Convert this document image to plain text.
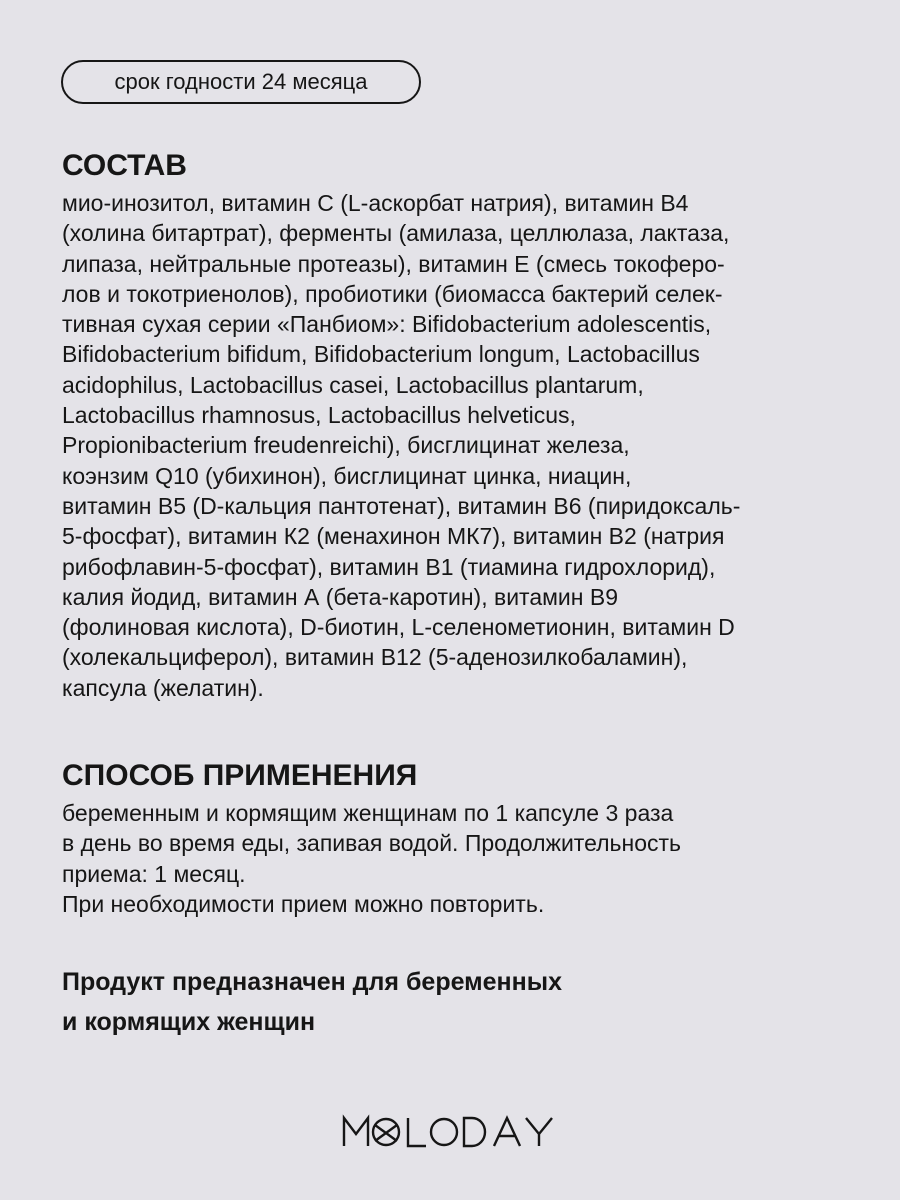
срок годности 24 месяца
СОСТАВ

мио-инозитол, витамин С (L-аскорбат натрия), витамин В4
(холина битартрат), ферменты (амилаза, целлюлаза, лактаза,
липаза, нейтральные протеазы), витамин Е (смесь токоферо-
лов и токотриенолов), пробиотики (биомасса бактерий селек-
тивная сухая серии «Панбиом»: Bifidobacterium adolescentis,
Bifidobacterium bifidum, Bifidobacterium longum, Lactobacillus
acidophilus, Lactobacillus casei, Lactobacillus plantarum,
Lactobacillus rhamnosus, Lactobacillus helveticus,
Propionibacterium freudenreichi), бисглицинат железа,
коэнзим Q10 (убихинон), бисглицинат цинка, ниацин,
витамин В5 (D-кальция пантотенат), витамин В6 (пиридоксаль-
5-фосфат), витамин К2 (менахинон МК7), витамин В2 (натрия
рибофлавин-5-фосфат), витамин В1 (тиамина гидрохлорид),
калия йодид, витамин А (бета-каротин), витамин В9
(фолиновая кислота), D-биотин, L-селенометионин, витамин D
(холекальциферол), витамин В12 (5-аденозилкобаламин),
капсула (желатин).

СПОСОБ ПРИМЕНЕНИЯ

беременным и кормящим женщинам по 1 капсуле 3 раза
в день во время еды, запивая водой. Продолжительность
приема: 1 месяц.
При необходимости прием можно повторить.

Продукт предназначен для беременных
и кормящих женщин
